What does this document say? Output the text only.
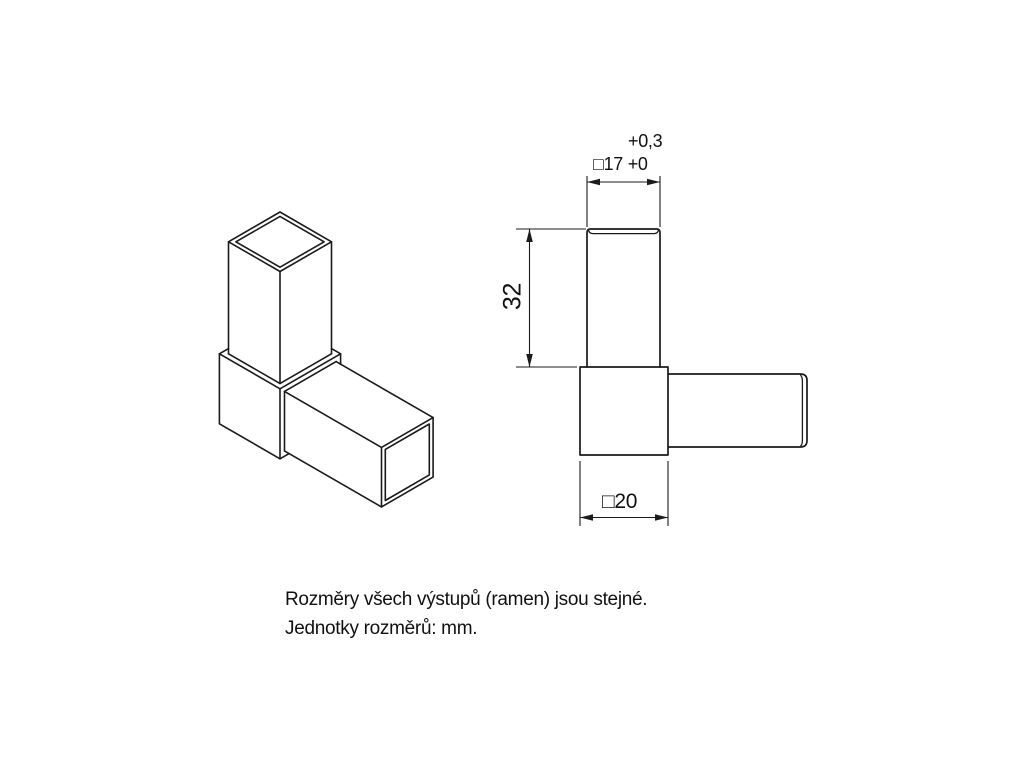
+0,3
□17 +0
32
□20
Rozměry všech výstupů (ramen) jsou stejné.
Jednotky rozměrů: mm.
